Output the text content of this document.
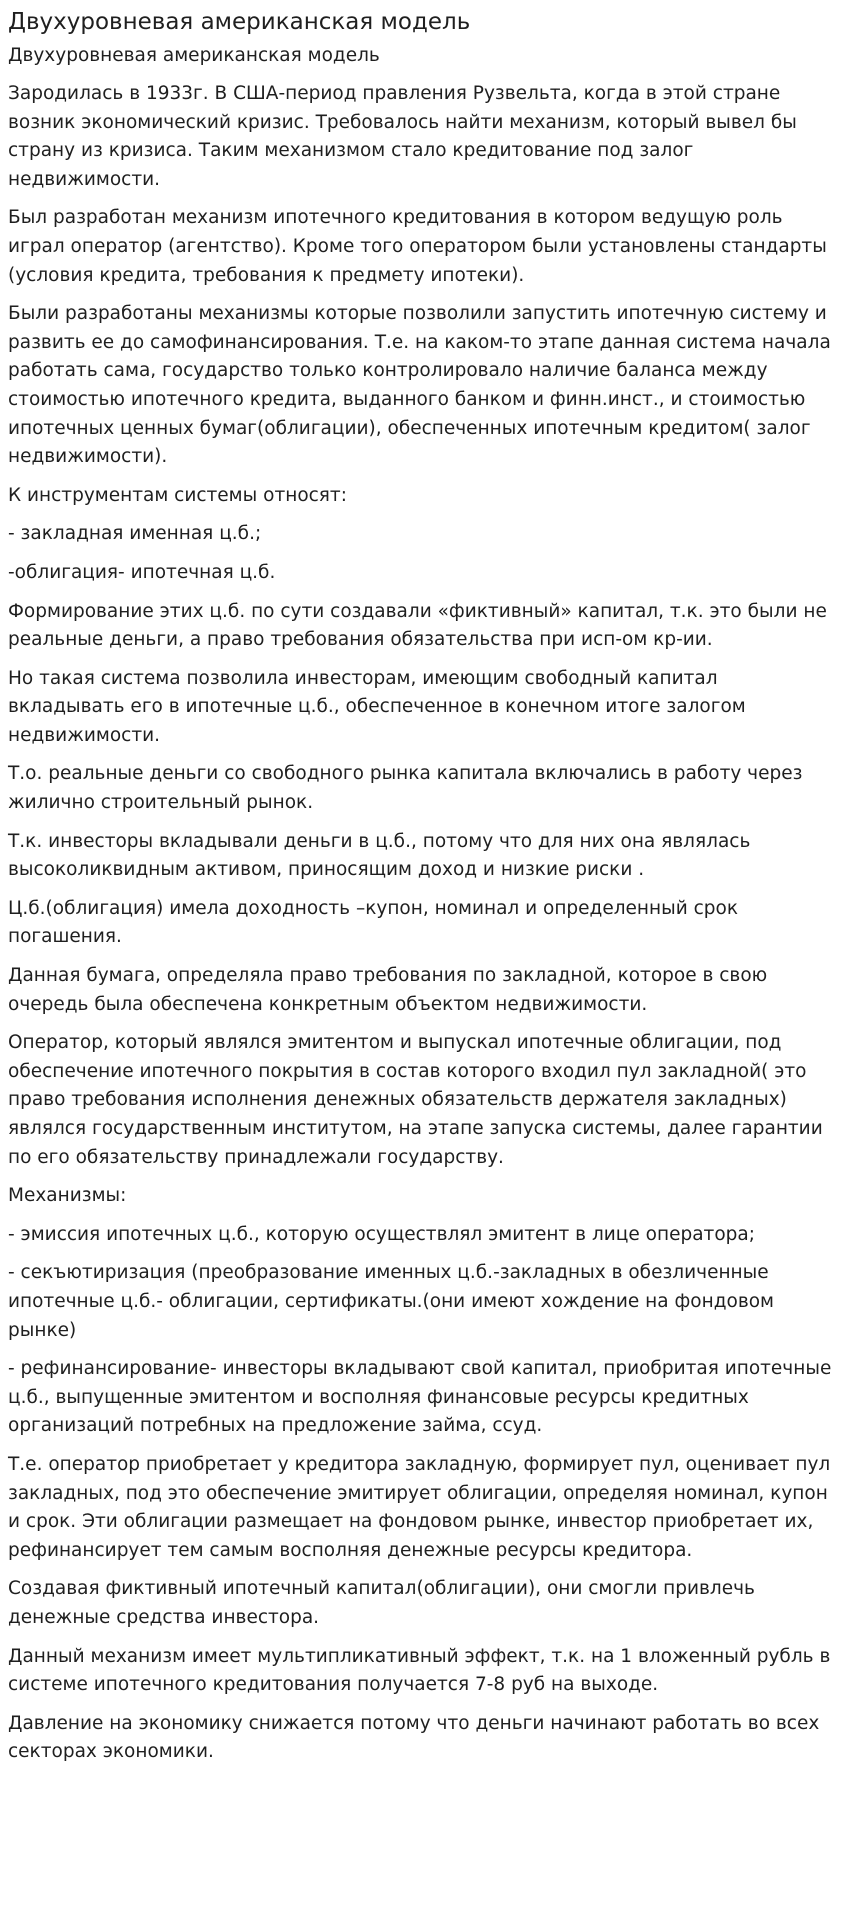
Двухуровневая американская модель
Двухуровневая американская модель

Зародилась в 1933г. В США-период правления Рузвельта, когда в этой стране возник экономический кризис. Требовалось найти механизм, который вывел бы страну из кризиса. Таким механизмом стало кредитование под залог недвижимости.

Был разработан механизм ипотечного кредитования в котором ведущую роль играл оператор (агентство). Кроме того оператором были установлены стандарты (условия кредита, требования к предмету ипотеки).

Были разработаны механизмы которые позволили запустить ипотечную систему и развить ее до самофинансирования. Т.е. на каком-то этапе данная система начала работать сама, государство только контролировало наличие баланса между стоимостью ипотечного кредита, выданного банком и финн.инст., и стоимостью ипотечных ценных бумаг(облигации), обеспеченных ипотечным кредитом( залог недвижимости).

К инструментам системы относят:

- закладная именная ц.б.;

-облигация- ипотечная ц.б.

Формирование этих ц.б. по сути создавали «фиктивный» капитал, т.к. это были не реальные деньги, а право требования обязательства при исп-ом кр-ии.

Но такая система позволила инвесторам, имеющим свободный капитал вкладывать его в ипотечные ц.б., обеспеченное в конечном итоге залогом недвижимости.

Т.о. реальные деньги со свободного рынка капитала включались в работу через жилично строительный рынок.

Т.к. инвесторы вкладывали деньги в ц.б., потому что для них она являлась высоколиквидным активом, приносящим доход и низкие риски .

Ц.б.(облигация) имела доходность –купон, номинал и определенный срок погашения.

Данная бумага, определяла право требования по закладной, которое в свою очередь была обеспечена конкретным объектом недвижимости.

Оператор, который являлся эмитентом и выпускал ипотечные облигации, под обеспечение ипотечного покрытия в состав которого входил пул закладной( это право требования исполнения денежных обязательств держателя закладных) являлся государственным институтом, на этапе запуска системы, далее гарантии по его обязательству принадлежали государству.

Механизмы:

- эмиссия ипотечных ц.б., которую осуществлял эмитент в лице оператора;

- секъютиризация (преобразование именных ц.б.-закладных в обезличенные ипотечные ц.б.- облигации, сертификаты.(они имеют хождение на фондовом рынке)

- рефинансирование- инвесторы вкладывают свой капитал, приобритая ипотечные ц.б., выпущенные эмитентом и восполняя финансовые ресурсы кредитных организаций потребных на предложение займа, ссуд.

Т.е. оператор приобретает у кредитора закладную, формирует пул, оценивает пул закладных, под это обеспечение эмитирует облигации, определяя номинал, купон и срок. Эти облигации размещает на фондовом рынке, инвестор приобретает их, рефинансирует тем самым восполняя денежные ресурсы кредитора.

Создавая фиктивный ипотечный капитал(облигации), они смогли привлечь денежные средства инвестора.

Данный механизм имеет мультипликативный эффект, т.к. на 1 вложенный рубль в системе ипотечного кредитования получается 7-8 руб на выходе.

Давление на экономику снижается потому что деньги начинают работать во всех секторах экономики.
